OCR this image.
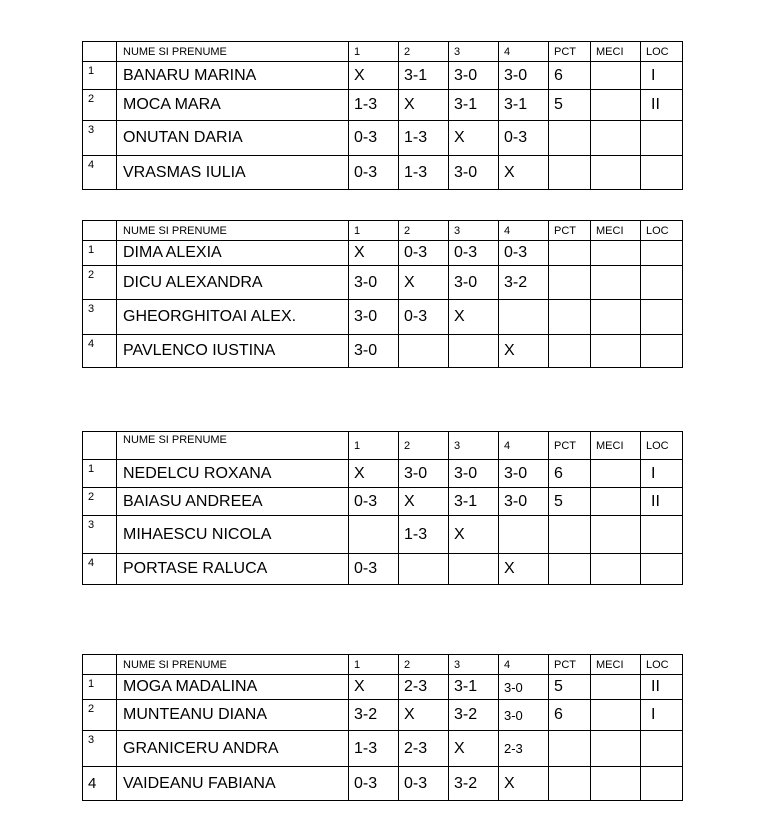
	NUME SI PRENUME	1	2	3	4	PCT	MECI	LOC
1	BANARU MARINA	X	3-1	3-0	3-0	6		I
2	MOCA MARA	1-3	X	3-1	3-1	5		II
3	ONUTAN DARIA	0-3	1-3	X	0-3			
4	VRASMAS IULIA	0-3	1-3	3-0	X			
	NUME SI PRENUME	1	2	3	4	PCT	MECI	LOC
1	DIMA ALEXIA	X	0-3	0-3	0-3			
2	DICU ALEXANDRA	3-0	X	3-0	3-2			
3	GHEORGHITOAI ALEX.	3-0	0-3	X				
4	PAVLENCO IUSTINA	3-0			X			
	NUME SI PRENUME	1	2	3	4	PCT	MECI	LOC
1	NEDELCU ROXANA	X	3-0	3-0	3-0	6		I
2	BAIASU ANDREEA	0-3	X	3-1	3-0	5		II
3	MIHAESCU NICOLA		1-3	X				
4	PORTASE RALUCA	0-3			X			
	NUME SI PRENUME	1	2	3	4	PCT	MECI	LOC
1	MOGA MADALINA	X	2-3	3-1	3-0	5		II
2	MUNTEANU DIANA	3-2	X	3-2	3-0	6		I
3	GRANICERU ANDRA	1-3	2-3	X	2-3			
4	VAIDEANU FABIANA	0-3	0-3	3-2	X			
